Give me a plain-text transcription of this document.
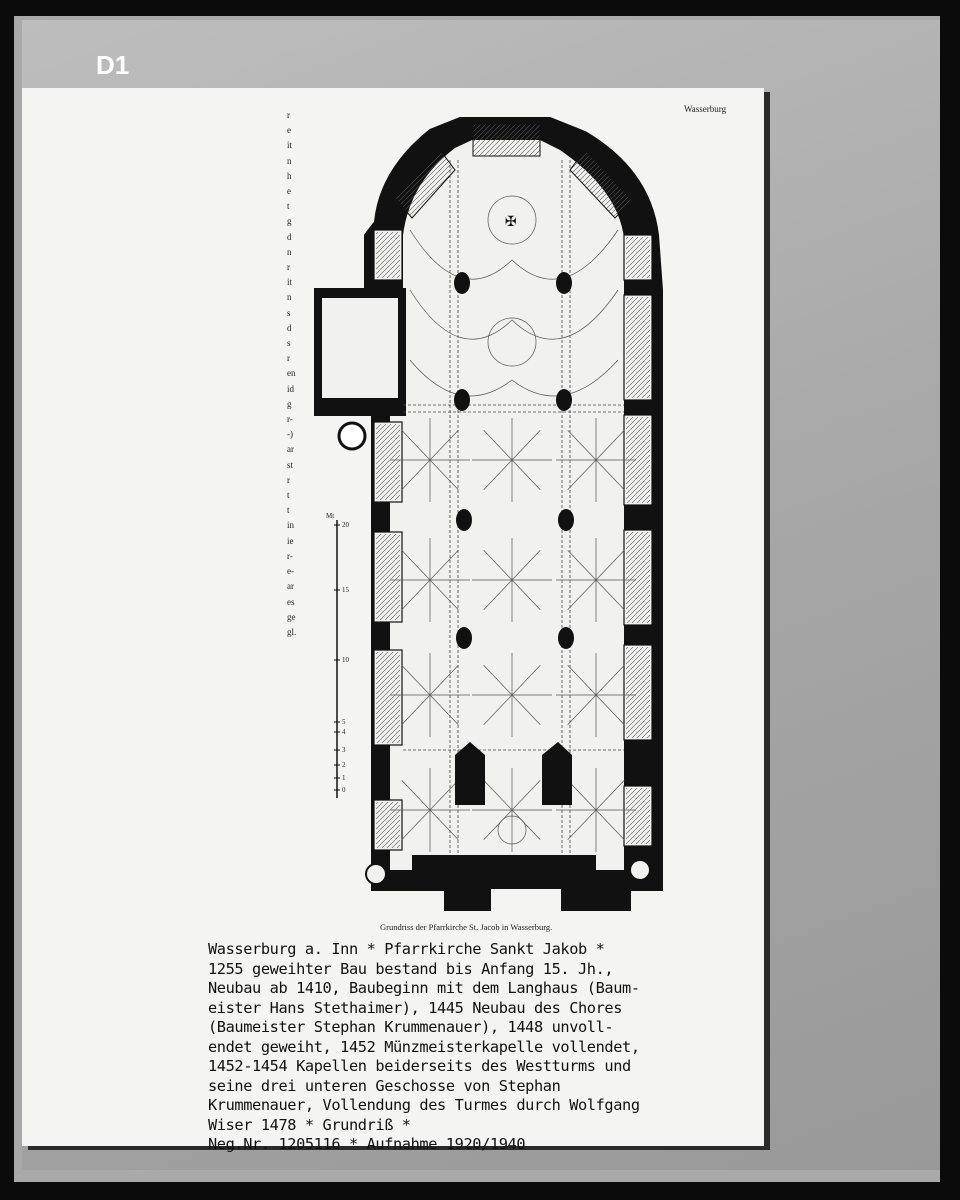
D1
Wasserburg
r
e
it
n
h
e
t
g
d
n
r
it
n
s
d
s
r
en
id
g
r-
-)
ar
st
r
t
t
in
ie
r-
e-
ar
es
ge
gl.
✠
20
15
10
5
4
3
2
1
0
Mt
Grundriss der Pfarrkirche St. Jacob in Wasserburg.
Wasserburg a. Inn * Pfarrkirche Sankt Jakob *
1255 geweihter Bau bestand bis Anfang 15. Jh.,
Neubau ab 1410, Baubeginn mit dem Langhaus (Baum-
eister Hans Stethaimer), 1445 Neubau des Chores
(Baumeister Stephan Krummenauer), 1448 unvoll-
endet geweiht, 1452 Münzmeisterkapelle vollendet,
1452-1454 Kapellen beiderseits des Westturms und
seine drei unteren Geschosse von Stephan
Krummenauer, Vollendung des Turmes durch Wolfgang
Wiser 1478 * Grundriß *
Neg.Nr. 1205116 * Aufnahme 1920/1940
